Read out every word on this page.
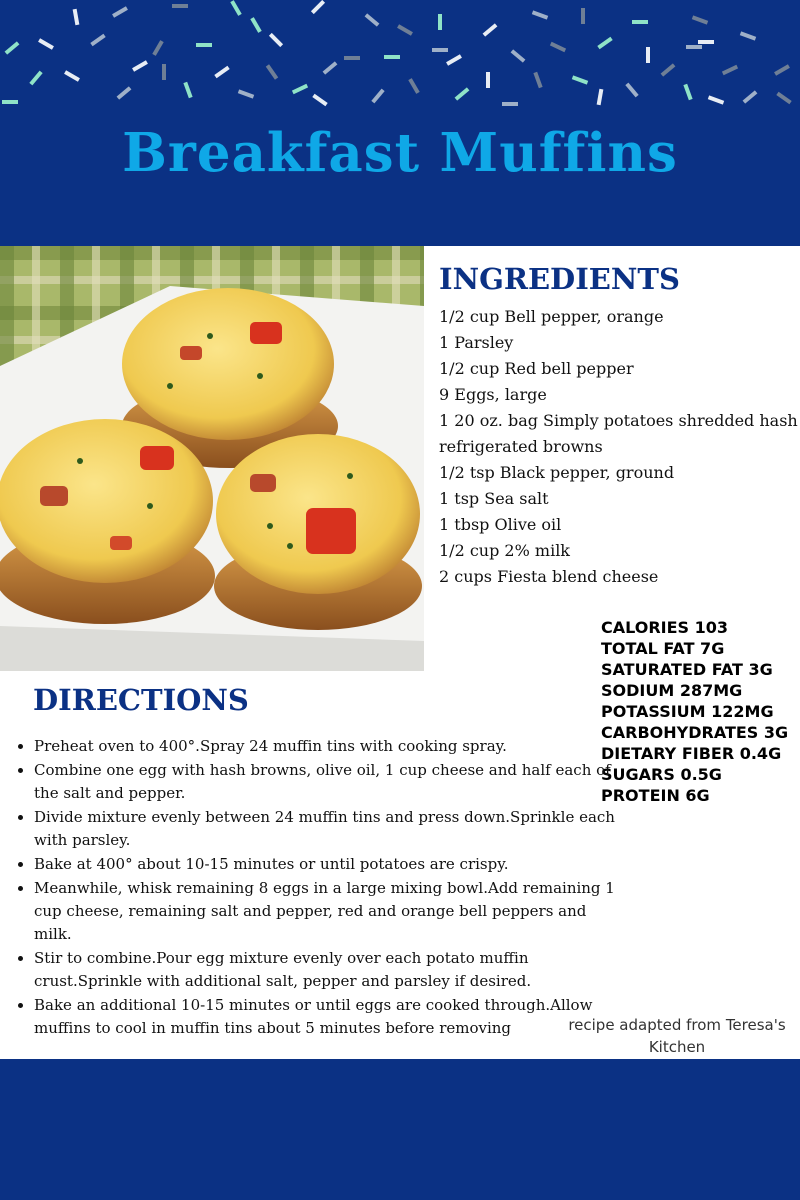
Breakfast Muffins
INGREDIENTS
1/2 cup Bell pepper, orange
1 Parsley
1/2 cup Red bell pepper
9 Eggs, large
1 20 oz. bag Simply potatoes shredded hash refrigerated browns
1/2 tsp Black pepper, ground
1 tsp Sea salt
1 tbsp Olive oil
1/2 cup 2% milk
2 cups Fiesta blend cheese
CALORIES 103
TOTAL FAT 7G
SATURATED FAT 3G
SODIUM 287MG
POTASSIUM 122MG
CARBOHYDRATES 3G
DIETARY FIBER 0.4G
SUGARS 0.5G
PROTEIN 6G
DIRECTIONS
• Preheat oven to 400°.Spray 24 muffin tins with cooking spray.
• Combine one egg with hash browns, olive oil, 1 cup cheese and half each of the salt and pepper.
• Divide mixture evenly between 24 muffin tins and press down.Sprinkle each with parsley.
• Bake at 400° about 10-15 minutes or until potatoes are crispy.
• Meanwhile, whisk remaining 8 eggs in a large mixing bowl.Add remaining 1 cup cheese, remaining salt and pepper, red and orange bell peppers and milk.
• Stir to combine.Pour egg mixture evenly over each potato muffin crust.Sprinkle with additional salt, pepper and parsley if desired.
• Bake an additional 10-15 minutes or until eggs are cooked through.Allow muffins to cool in muffin tins about 5 minutes before removing	recipe adapted from Teresa's Kitchen
